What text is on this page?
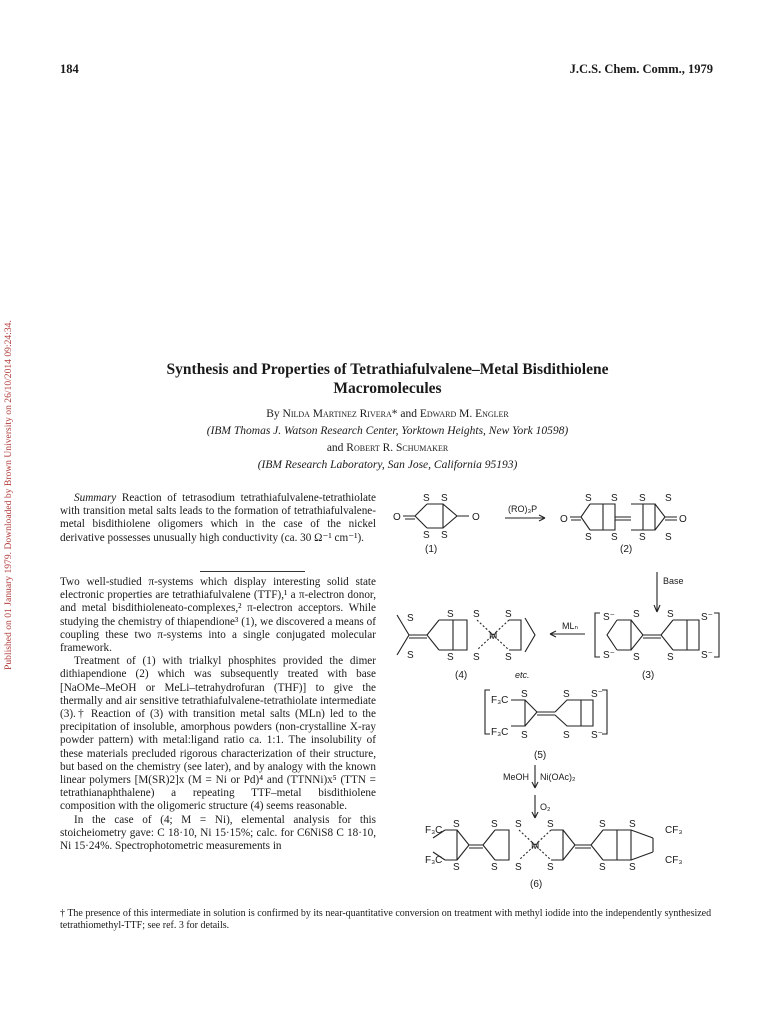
184	J.C.S. Chem. Comm., 1979
Published on 01 January 1979. Downloaded by Brown University on 26/10/2014 09:24:34.	Synthesis and Properties of Tetrathiafulvalene–Metal Bisdithiolene
Macromolecules
By Nilda Martinez Rivera* and Edward M. Engler
(IBM Thomas J. Watson Research Center, Yorktown Heights, New York 10598)
and Robert R. Schumaker
(IBM Research Laboratory, San Jose, California 95193)

Summary Reaction of tetrasodium tetrathiafulvalene-tetrathiolate with transition metal salts leads to the formation of tetrathiafulvalene-metal bisdithiolene oligomers which in the case of the nickel derivative possesses unusually high conductivity (ca. 30 Ω⁻¹ cm⁻¹).

Two well-studied π-systems which display interesting solid state electronic properties are tetrathiafulvalene (TTF),¹ a π-electron donor, and metal bisdithioleneato-complexes,² π-electron acceptors. While studying the chemistry of thiapendione³ (1), we discovered a means of coupling these two π-systems into a single conjugated molecular framework.

Treatment of (1) with trialkyl phosphites provided the dimer dithiapendione (2) which was subsequently treated with base [NaOMe–MeOH or MeLi–tetrahydrofuran (THF)] to give the thermally and air sensitive tetrathiafulvalene-tetrathiolate intermediate (3).† Reaction of (3) with transition metal salts (MLn) led to the precipitation of insoluble, amorphous powders (non-crystalline X-ray powder pattern) with metal:ligand ratio ca. 1:1. The insolubility of these materials precluded rigorous characterization of their structure, but based on the chemistry (see later), and by analogy with the known linear polymers [M(SR)2]x (M = Ni or Pd)⁴ and (TTNNi)x⁵ (TTN = tetrathianaphthalene) a repeating TTF–metal bisdithiolene composition with the oligomeric structure (4) seems reasonable.

In the case of (4; M = Ni), elemental analysis for this stoicheiometry gave: C 18·10, Ni 15·15%; calc. for C6NiS8 C 18·10, Ni 15·24%. Spectrophotometric measurements in

† The presence of this intermediate in solution is confirmed by its near-quantitative conversion on treatment with methyl iodide into the independently synthesized tetrathiomethyl-TTF; see ref. 3 for details.
S S
S S
O	O
(1)
(RO)₃P
O	O
S S S S
S S S S
(2)
Base
S⁻ S	S	S⁻
S⁻ S	S	S⁻
(3)
MLₙ
S
S
S
S
S
S
M
S
S
(4)	etc.
F₃C
F₃C
S
S
S
S
S⁻
S⁻
(5)
MeOH Ni(OAc)₂
O₂
F₃C
F₃C
S
S
S
S
S
S
M
S
S
S
S
S
S
CF₃
CF₃
(6)
